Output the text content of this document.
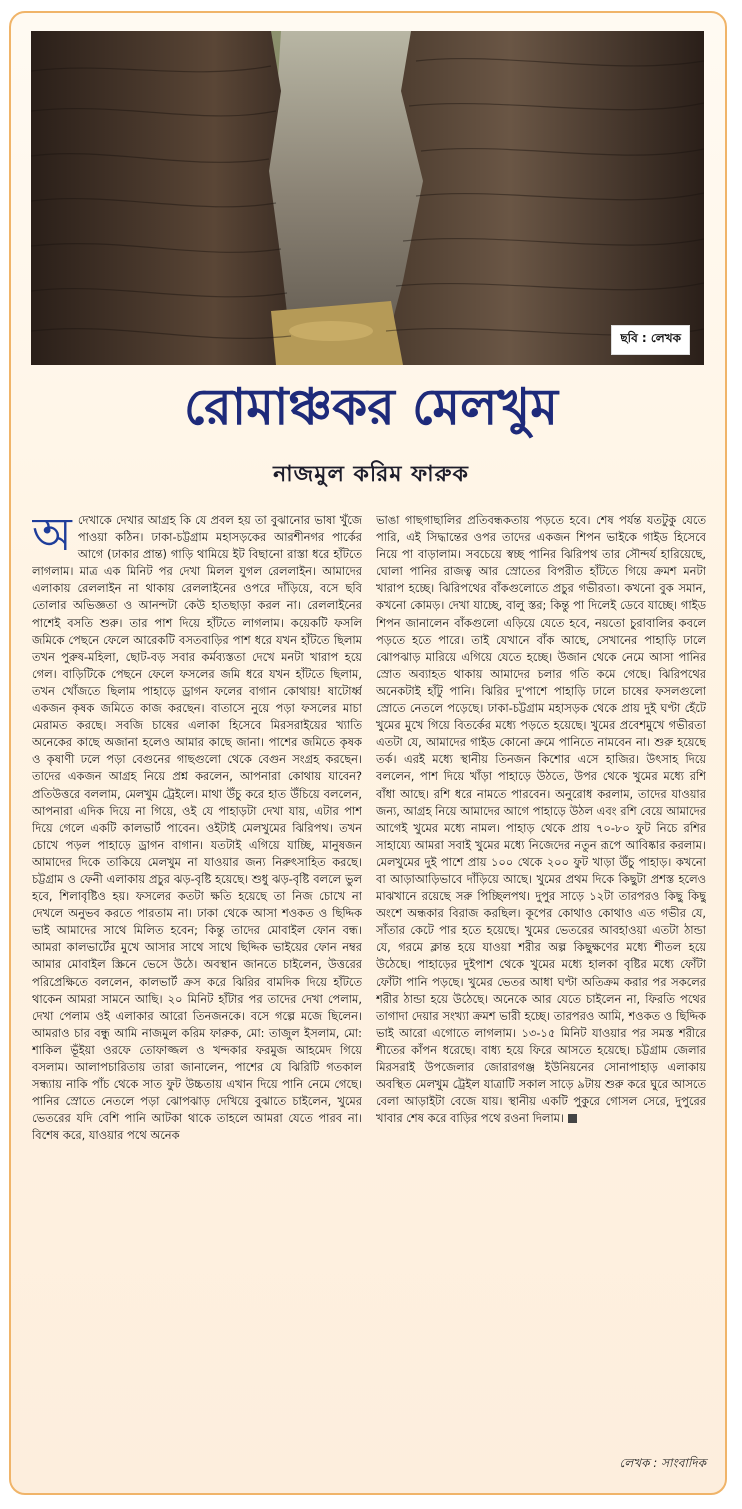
ছবি : লেখক
রোমাঞ্চকর মেলখুম
নাজমুল করিম ফারুক
অ দেখাকে দেখার আগ্রহ কি যে প্রবল হয় তা বুঝানোর ভাষা খুঁজে পাওয়া কঠিন। ঢাকা-চট্টগ্রাম মহাসড়কের আরশীনগর পার্কের আগে (ঢাকার প্রান্ত) গাড়ি থামিয়ে ইট বিছানো রাস্তা ধরে হাঁটতে লাগলাম। মাত্র এক মিনিট পর দেখা মিলল যুগল রেললাইন। আমাদের এলাকায় রেললাইন না থাকায় রেললাইনের ওপরে দাঁড়িয়ে, বসে ছবি তোলার অভিজ্ঞতা ও আনন্দটা কেউ হাতছাড়া করল না। রেললাইনের পাশেই বসতি শুরু। তার পাশ দিয়ে হাঁটতে লাগলাম। কয়েকটি ফসলি জমিকে পেছনে ফেলে আরেকটি বসতবাড়ির পাশ ধরে যখন হাঁটতে ছিলাম তখন পুরুষ-মহিলা, ছোট-বড় সবার কর্মব্যস্ততা দেখে মনটা খারাপ হয়ে গেল। বাড়িটিকে পেছনে ফেলে ফসলের জমি ধরে যখন হাঁটতে ছিলাম, তখন খোঁজতে ছিলাম পাহাড়ে ড্রাগন ফলের বাগান কোথায়! ষাটোর্ধ্ব একজন কৃষক জমিতে কাজ করছেন। বাতাসে নুয়ে পড়া ফসলের মাচা মেরামত করছে। সবজি চাষের এলাকা হিসেবে মিরসরাইয়ের খ্যাতি অনেকের কাছে অজানা হলেও আমার কাছে জানা। পাশের জমিতে কৃষক ও কৃষাণী ঢলে পড়া বেগুনের গাছগুলো থেকে বেগুন সংগ্রহ করছেন। তাদের একজন আগ্রহ নিয়ে প্রশ্ন করলেন, আপনারা কোথায় যাবেন? প্রতিউত্তরে বললাম, মেলখুম ট্রেইলে। মাথা উঁচু করে হাত উঁচিয়ে বললেন, আপনারা এদিক দিয়ে না গিয়ে, ওই যে পাহাড়টা দেখা যায়, এটার পাশ দিয়ে গেলে একটি কালভার্ট পাবেন। ওইটাই মেলখুমের ঝিরিপথ। তখন চোখে পড়ল পাহাড়ে ড্রাগন বাগান। যতটাই এগিয়ে যাচ্ছি, মানুষজন আমাদের দিকে তাকিয়ে মেলখুম না যাওয়ার জন্য নিরুৎসাহিত করছে। চট্টগ্রাম ও ফেনী এলাকায় প্রচুর ঝড়-বৃষ্টি হয়েছে। শুধু ঝড়-বৃষ্টি বললে ভুল হবে, শিলাবৃষ্টিও হয়। ফসলের কতটা ক্ষতি হয়েছে তা নিজ চোখে না দেখলে অনুভব করতে পারতাম না। ঢাকা থেকে আসা শওকত ও ছিদ্দিক ভাই আমাদের সাথে মিলিত হবেন; কিন্তু তাদের মোবাইল ফোন বন্ধ। আমরা কালভার্টের মুখে আসার সাথে সাথে ছিদ্দিক ভাইয়ের ফোন নম্বর আমার মোবাইল স্ক্রিনে ভেসে উঠে। অবস্থান জানতে চাইলেন, উত্তরের পরিপ্রেক্ষিতে বললেন, কালভার্ট ক্রস করে ঝিরির বামদিক দিয়ে হাঁটতে থাকেন আমরা সামনে আছি। ২০ মিনিট হাঁটার পর তাদের দেখা পেলাম, দেখা পেলাম ওই এলাকার আরো তিনজনকে। বসে গল্পে মজে ছিলেন। আমরাও চার বন্ধু আমি নাজমুল করিম ফারুক, মো: তাজুল ইসলাম, মো: শাকিল ভূঁইয়া ওরফে তোফাজ্জল ও খন্দকার ফরমুজ আহমেদ গিয়ে বসলাম। আলাপচারিতায় তারা জানালেন, পাশের যে ঝিরিটি গতকাল সন্ধ্যায় নাকি পাঁচ থেকে সাত ফুট উচ্চতায় এখান দিয়ে পানি নেমে গেছে। পানির স্রোতে নেতলে পড়া ঝোপঝাড় দেখিয়ে বুঝাতে চাইলেন, খুমের ভেতরের যদি বেশি পানি আটকা থাকে তাহলে আমরা যেতে পারব না। বিশেষ করে, যাওয়ার পথে অনেক

ভাঙা গাছগাছালির প্রতিবন্ধকতায় পড়তে হবে। শেষ পর্যন্ত যতটুকু যেতে পারি, এই সিদ্ধান্তের ওপর তাদের একজন শিপন ভাইকে গাইড হিসেবে নিয়ে পা বাড়ালাম। সবচেয়ে স্বচ্ছ পানির ঝিরিপথ তার সৌন্দর্য হারিয়েছে, ঘোলা পানির রাজত্ব আর স্রোতের বিপরীত হাঁটতে গিয়ে ক্রমশ মনটা খারাপ হচ্ছে। ঝিরিপথের বাঁকগুলোতে প্রচুর গভীরতা। কখনো বুক সমান, কখনো কোমড়। দেখা যাচ্ছে, বালু স্তর; কিন্তু পা দিলেই ডেবে যাচ্ছে। গাইড শিপন জানালেন বাঁকগুলো এড়িয়ে যেতে হবে, নয়তো চুরাবালির কবলে পড়তে হতে পারে। তাই যেখানে বাঁক আছে, সেখানের পাহাড়ি ঢালে ঝোপঝাড় মারিয়ে এগিয়ে যেতে হচ্ছে। উজান থেকে নেমে আসা পানির স্রোত অব্যাহত থাকায় আমাদের চলার গতি কমে গেছে। ঝিরিপথের অনেকটাই হাঁটু পানি। ঝিরির দু'পাশে পাহাড়ি ঢালে চাষের ফসলগুলো স্রোতে নেতলে পড়েছে। ঢাকা-চট্টগ্রাম মহাসড়ক থেকে প্রায় দুই ঘণ্টা হেঁটে খুমের মুখে গিয়ে বিতর্কের মধ্যে পড়তে হয়েছে। খুমের প্রবেশমুখে গভীরতা এতটা যে, আমাদের গাইড কোনো ক্রমে পানিতে নামবেন না। শুরু হয়েছে তর্ক। এরই মধ্যে স্থানীয় তিনজন কিশোর এসে হাজির। উৎসাহ দিয়ে বললেন, পাশ দিয়ে খাঁড়া পাহাড়ে উঠতে, উপর থেকে খুমের মধ্যে রশি বাঁধা আছে। রশি ধরে নামতে পারবেন। অনুরোধ করলাম, তাদের যাওয়ার জন্য, আগ্রহ নিয়ে আমাদের আগে পাহাড়ে উঠল এবং রশি বেয়ে আমাদের আগেই খুমের মধ্যে নামল। পাহাড় থেকে প্রায় ৭০-৮০ ফুট নিচে রশির সাহায্যে আমরা সবাই খুমের মধ্যে নিজেদের নতুন রূপে আবিষ্কার করলাম। মেলখুমের দুই পাশে প্রায় ১০০ থেকে ২০০ ফুট খাড়া উঁচু পাহাড়। কখনো বা আড়াআড়িভাবে দাঁড়িয়ে আছে। খুমের প্রথম দিকে কিছুটা প্রশস্ত হলেও মাঝখানে রয়েছে সরু পিচ্ছিলপথ। দুপুর সাড়ে ১২টা তারপরও কিছু কিছু অংশে অন্ধকার বিরাজ করছিল। কূপের কোথাও কোথাও এত গভীর যে, সাঁতার কেটে পার হতে হয়েছে। খুমের ভেতরের আবহাওয়া এতটা ঠান্ডা যে, গরমে ক্লান্ত হয়ে যাওয়া শরীর অল্প কিছুক্ষণের মধ্যে শীতল হয়ে উঠেছে। পাহাড়ের দুইপাশ থেকে খুমের মধ্যে হালকা বৃষ্টির মধ্যে ফোঁটা ফোঁটা পানি পড়ছে। খুমের ভেতর আধা ঘণ্টা অতিক্রম করার পর সকলের শরীর ঠান্ডা হয়ে উঠেছে। অনেকে আর যেতে চাইলেন না, ফিরতি পথের তাগাদা দেয়ার সংখ্যা ক্রমশ ভারী হচ্ছে। তারপরও আমি, শওকত ও ছিদ্দিক ভাই আরো এগোতে লাগলাম। ১৩-১৫ মিনিট যাওয়ার পর সমস্ত শরীরে শীতের কাঁপন ধরেছে। বাধ্য হয়ে ফিরে আসতে হয়েছে। চট্টগ্রাম জেলার মিরসরাই উপজেলার জোরারগঞ্জ ইউনিয়নের সোনাপাহাড় এলাকায় অবস্থিত মেলখুম ট্রেইল যাত্রাটি সকাল সাড়ে ৯টায় শুরু করে ঘুরে আসতে বেলা আড়াইটা বেজে যায়। স্থানীয় একটি পুকুরে গোসল সেরে, দুপুরের খাবার শেষ করে বাড়ির পথে রওনা দিলাম।

লেখক : সাংবাদিক
